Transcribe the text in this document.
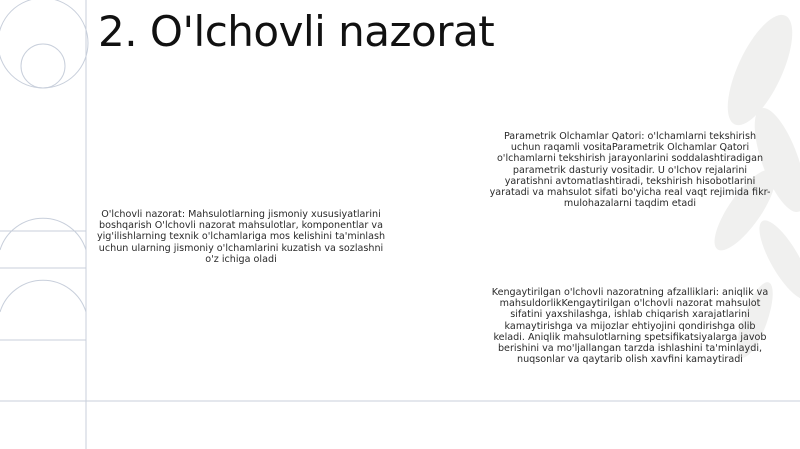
2. O'lchovli nazorat
O'lchovli nazorat: Mahsulotlarning jismoniy xususiyatlarini boshqarish O'lchovli nazorat mahsulotlar, komponentlar va yig'ilishlarning texnik o'lchamlariga mos kelishini ta'minlash uchun ularning jismoniy o'lchamlarini kuzatish va sozlashni o'z ichiga oladi
Parametrik Olchamlar Qatori: o'lchamlarni tekshirish uchun raqamli vositaParametrik Olchamlar Qatori o'lchamlarni tekshirish jarayonlarini soddalashtiradigan parametrik dasturiy vositadir. U o'lchov rejalarini yaratishni avtomatlashtiradi, tekshirish hisobotlarini yaratadi va mahsulot sifati bo'yicha real vaqt rejimida fikr-mulohazalarni taqdim etadi
Kengaytirilgan o'lchovli nazoratning afzalliklari: aniqlik va mahsuldorlikKengaytirilgan o'lchovli nazorat mahsulot sifatini yaxshilashga, ishlab chiqarish xarajatlarini kamaytirishga va mijozlar ehtiyojini qondirishga olib keladi. Aniqlik mahsulotlarning spetsifikatsiyalarga javob berishini va mo'ljallangan tarzda ishlashini ta'minlaydi, nuqsonlar va qaytarib olish xavfini kamaytiradi
